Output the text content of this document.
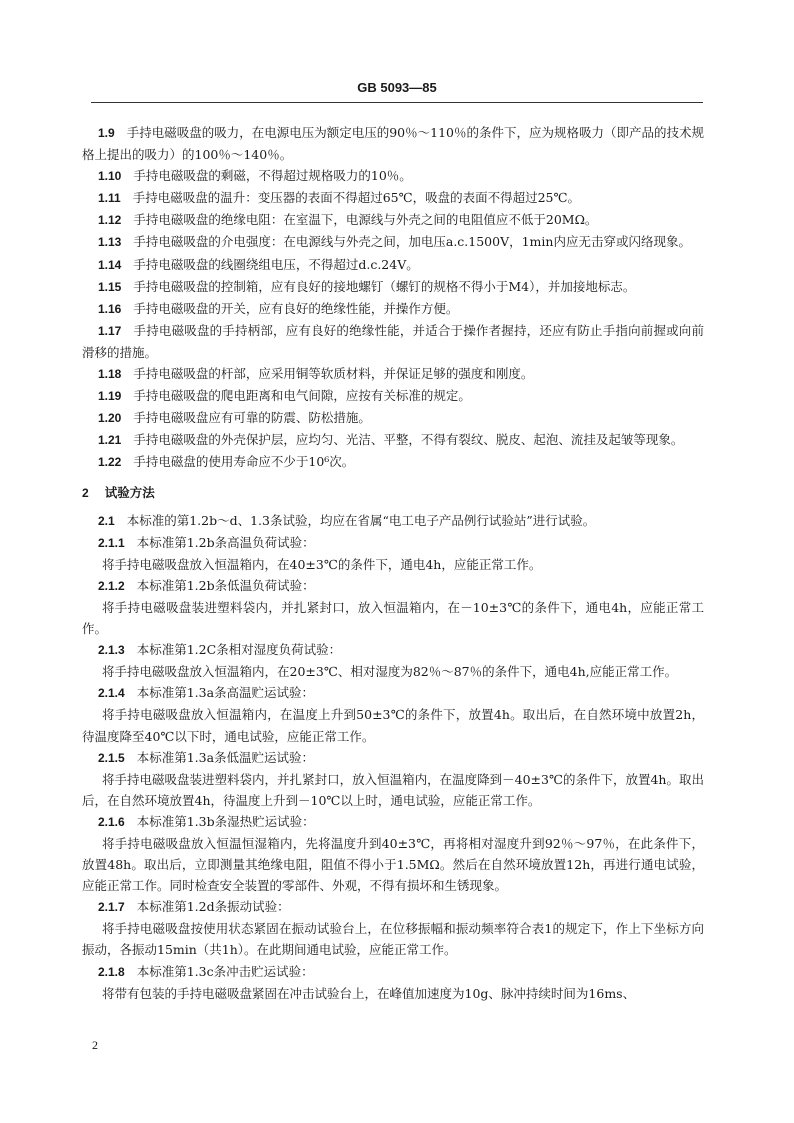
GB 5093—85

1.9 手持电磁吸盘的吸力，在电源电压为额定电压的90％～110％的条件下，应为规格吸力（即产品的技术规格上提出的吸力）的100％～140％。

1.10 手持电磁吸盘的剩磁，不得超过规格吸力的10％。

1.11 手持电磁吸盘的温升：变压器的表面不得超过65℃，吸盘的表面不得超过25℃。

1.12 手持电磁吸盘的绝缘电阻：在室温下，电源线与外壳之间的电阻值应不低于20MΩ。

1.13 手持电磁吸盘的介电强度：在电源线与外壳之间，加电压a.c.1500V，1min内应无击穿或闪络现象。

1.14 手持电磁吸盘的线圈绕组电压，不得超过d.c.24V。

1.15 手持电磁吸盘的控制箱，应有良好的接地螺钉（螺钉的规格不得小于M4），并加接地标志。

1.16 手持电磁吸盘的开关，应有良好的绝缘性能，并操作方便。

1.17 手持电磁吸盘的手持柄部，应有良好的绝缘性能，并适合于操作者握持，还应有防止手指向前握或向前滑移的措施。

1.18 手持电磁吸盘的杆部，应采用铜等软质材料，并保证足够的强度和刚度。

1.19 手持电磁吸盘的爬电距离和电气间隙，应按有关标准的规定。

1.20 手持电磁吸盘应有可靠的防震、防松措施。

1.21 手持电磁吸盘的外壳保护层，应均匀、光洁、平整，不得有裂纹、脱皮、起泡、流挂及起皱等现象。

1.22 手持电磁盘的使用寿命应不少于10⁶次。

2 试验方法

2.1 本标准的第1.2b～d、1.3条试验，均应在省属“电工电子产品例行试验站”进行试验。

2.1.1 本标准第1.2b条高温负荷试验：

将手持电磁吸盘放入恒温箱内，在40±3℃的条件下，通电4h，应能正常工作。

2.1.2 本标准第1.2b条低温负荷试验：

将手持电磁吸盘装进塑料袋内，并扎紧封口，放入恒温箱内，在－10±3℃的条件下，通电4h，应能正常工作。

2.1.3 本标准第1.2C条相对湿度负荷试验：

将手持电磁吸盘放入恒温箱内，在20±3℃、相对湿度为82％～87％的条件下，通电4h,应能正常工作。

2.1.4 本标准第1.3a条高温贮运试验：

将手持电磁吸盘放入恒温箱内，在温度上升到50±3℃的条件下，放置4h。取出后，在自然环境中放置2h，待温度降至40℃以下时，通电试验，应能正常工作。

2.1.5 本标准第1.3a条低温贮运试验：

将手持电磁吸盘装进塑料袋内，并扎紧封口，放入恒温箱内，在温度降到－40±3℃的条件下，放置4h。取出后，在自然环境放置4h，待温度上升到－10℃以上时，通电试验，应能正常工作。

2.1.6 本标准第1.3b条湿热贮运试验：

将手持电磁吸盘放入恒温恒湿箱内，先将温度升到40±3℃，再将相对湿度升到92％～97％，在此条件下，放置48h。取出后，立即测量其绝缘电阻，阻值不得小于1.5MΩ。然后在自然环境放置12h，再进行通电试验，应能正常工作。同时检查安全装置的零部件、外观，不得有损坏和生锈现象。

2.1.7 本标准第1.2d条振动试验：

将手持电磁吸盘按使用状态紧固在振动试验台上，在位移振幅和振动频率符合表1的规定下，作上下坐标方向振动，各振动15min（共1h）。在此期间通电试验，应能正常工作。

2.1.8 本标准第1.3c条冲击贮运试验：

将带有包装的手持电磁吸盘紧固在冲击试验台上，在峰值加速度为10g、脉冲持续时间为16ms、

2
